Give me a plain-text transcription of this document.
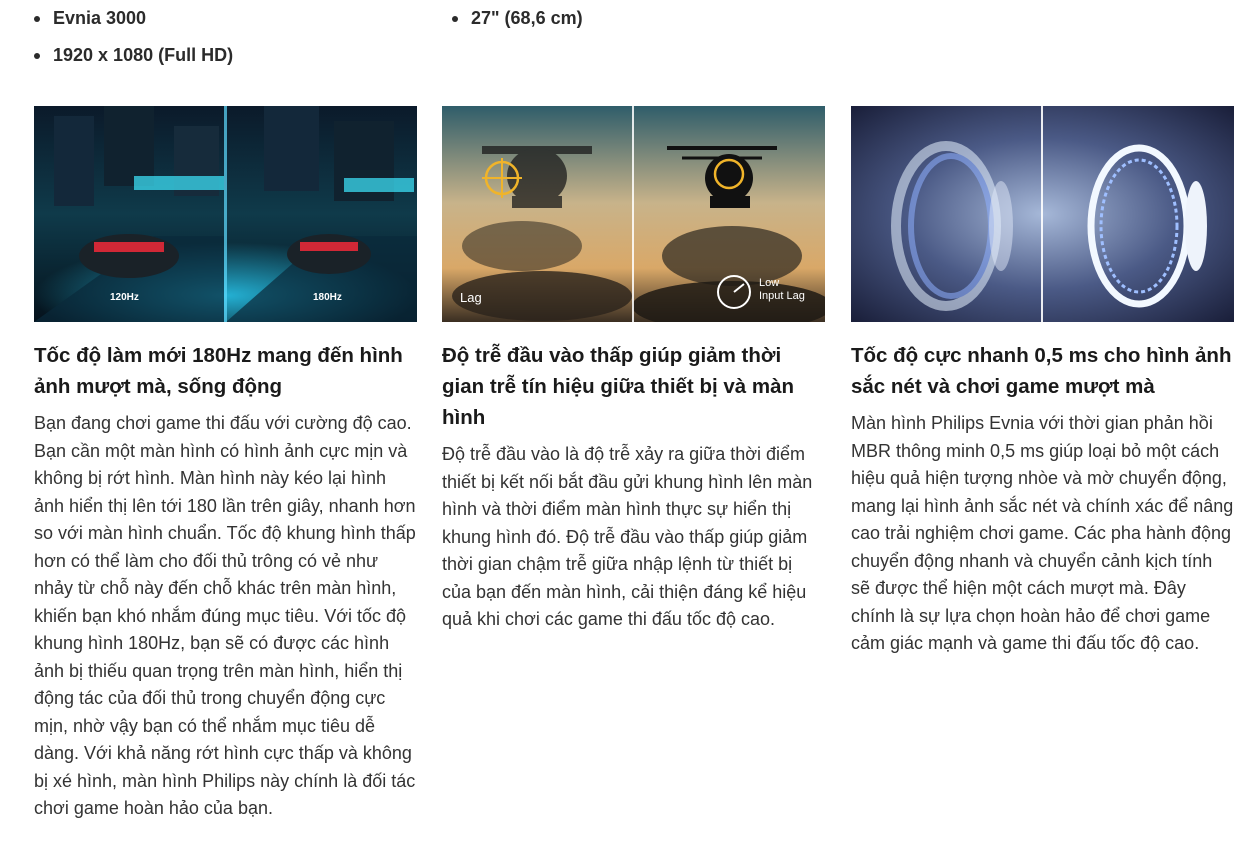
Evnia 3000	27" (68,6 cm)
1920 x 1080 (Full HD)
120Hz	180Hz
Tốc độ làm mới 180Hz mang đến hình ảnh mượt mà, sống động

Bạn đang chơi game thi đấu với cường độ cao. Bạn cần một màn hình có hình ảnh cực mịn và không bị rớt hình. Màn hình này kéo lại hình ảnh hiển thị lên tới 180 lần trên giây, nhanh hơn so với màn hình chuẩn. Tốc độ khung hình thấp hơn có thể làm cho đối thủ trông có vẻ như nhảy từ chỗ này đến chỗ khác trên màn hình, khiến bạn khó nhắm đúng mục tiêu. Với tốc độ khung hình 180Hz, bạn sẽ có được các hình ảnh bị thiếu quan trọng trên màn hình, hiển thị động tác của đối thủ trong chuyển động cực mịn, nhờ vậy bạn có thể nhắm mục tiêu dễ dàng. Với khả năng rớt hình cực thấp và không bị xé hình, màn hình Philips này chính là đối tác chơi game hoàn hảo của bạn.

Lag
Low
Input Lag
Độ trễ đầu vào thấp giúp giảm thời gian trễ tín hiệu giữa thiết bị và màn hình

Độ trễ đầu vào là độ trễ xảy ra giữa thời điểm thiết bị kết nối bắt đầu gửi khung hình lên màn hình và thời điểm màn hình thực sự hiển thị khung hình đó. Độ trễ đầu vào thấp giúp giảm thời gian chậm trễ giữa nhập lệnh từ thiết bị của bạn đến màn hình, cải thiện đáng kể hiệu quả khi chơi các game thi đấu tốc độ cao.

Tốc độ cực nhanh 0,5 ms cho hình ảnh sắc nét và chơi game mượt mà

Màn hình Philips Evnia với thời gian phản hồi MBR thông minh 0,5 ms giúp loại bỏ một cách hiệu quả hiện tượng nhòe và mờ chuyển động, mang lại hình ảnh sắc nét và chính xác để nâng cao trải nghiệm chơi game. Các pha hành động chuyển động nhanh và chuyển cảnh kịch tính sẽ được thể hiện một cách mượt mà. Đây chính là sự lựa chọn hoàn hảo để chơi game cảm giác mạnh và game thi đấu tốc độ cao.
